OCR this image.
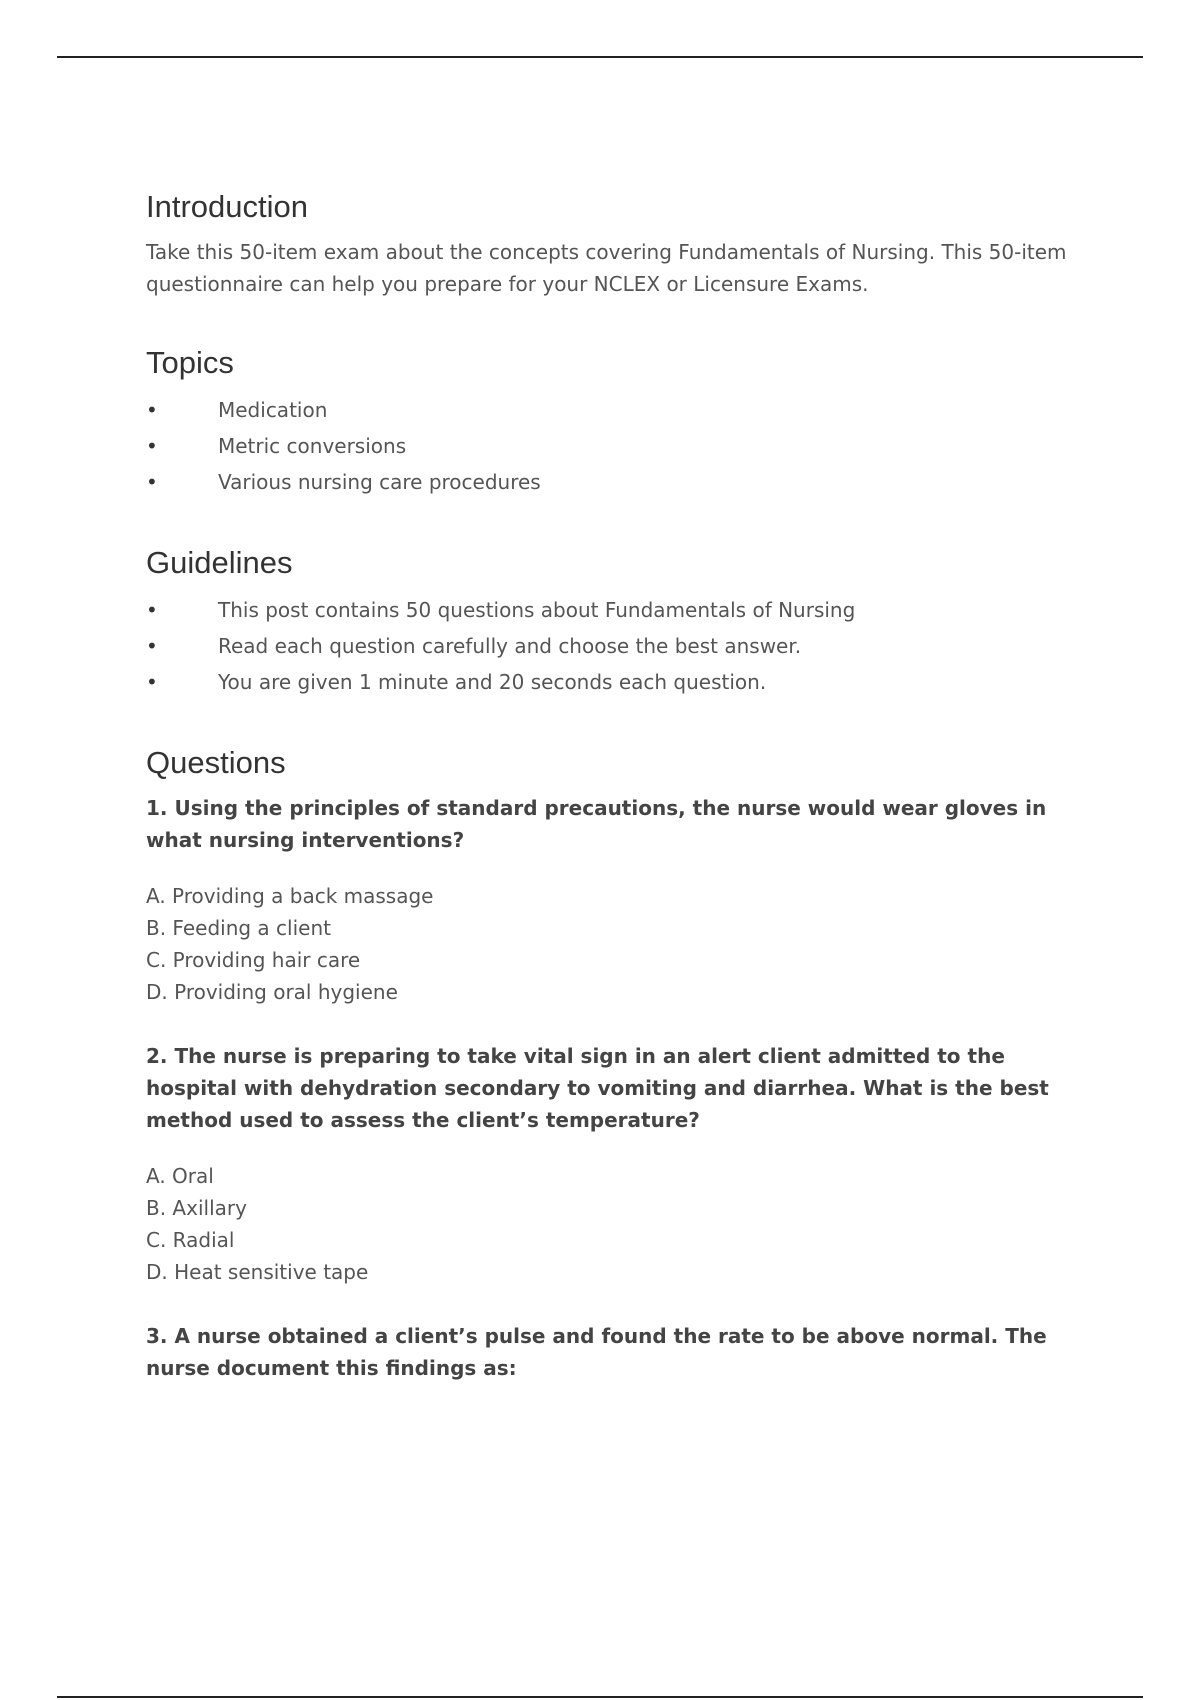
Introduction

Take this 50-item exam about the concepts covering Fundamentals of Nursing. This 50-item questionnaire can help you prepare for your NCLEX or Licensure Exams.

Topics
•	Medication
•	Metric conversions
•	Various nursing care procedures
Guidelines
•	This post contains 50 questions about Fundamentals of Nursing
•	Read each question carefully and choose the best answer.
•	You are given 1 minute and 20 seconds each question.
Questions

1. Using the principles of standard precautions, the nurse would wear gloves in what nursing interventions?

A. Providing a back massage
B. Feeding a client
C. Providing hair care
D. Providing oral hygiene

2. The nurse is preparing to take vital sign in an alert client admitted to the hospital with dehydration secondary to vomiting and diarrhea. What is the best method used to assess the client’s temperature?

A. Oral
B. Axillary
C. Radial
D. Heat sensitive tape

3. A nurse obtained a client’s pulse and found the rate to be above normal. The nurse document this findings as:
